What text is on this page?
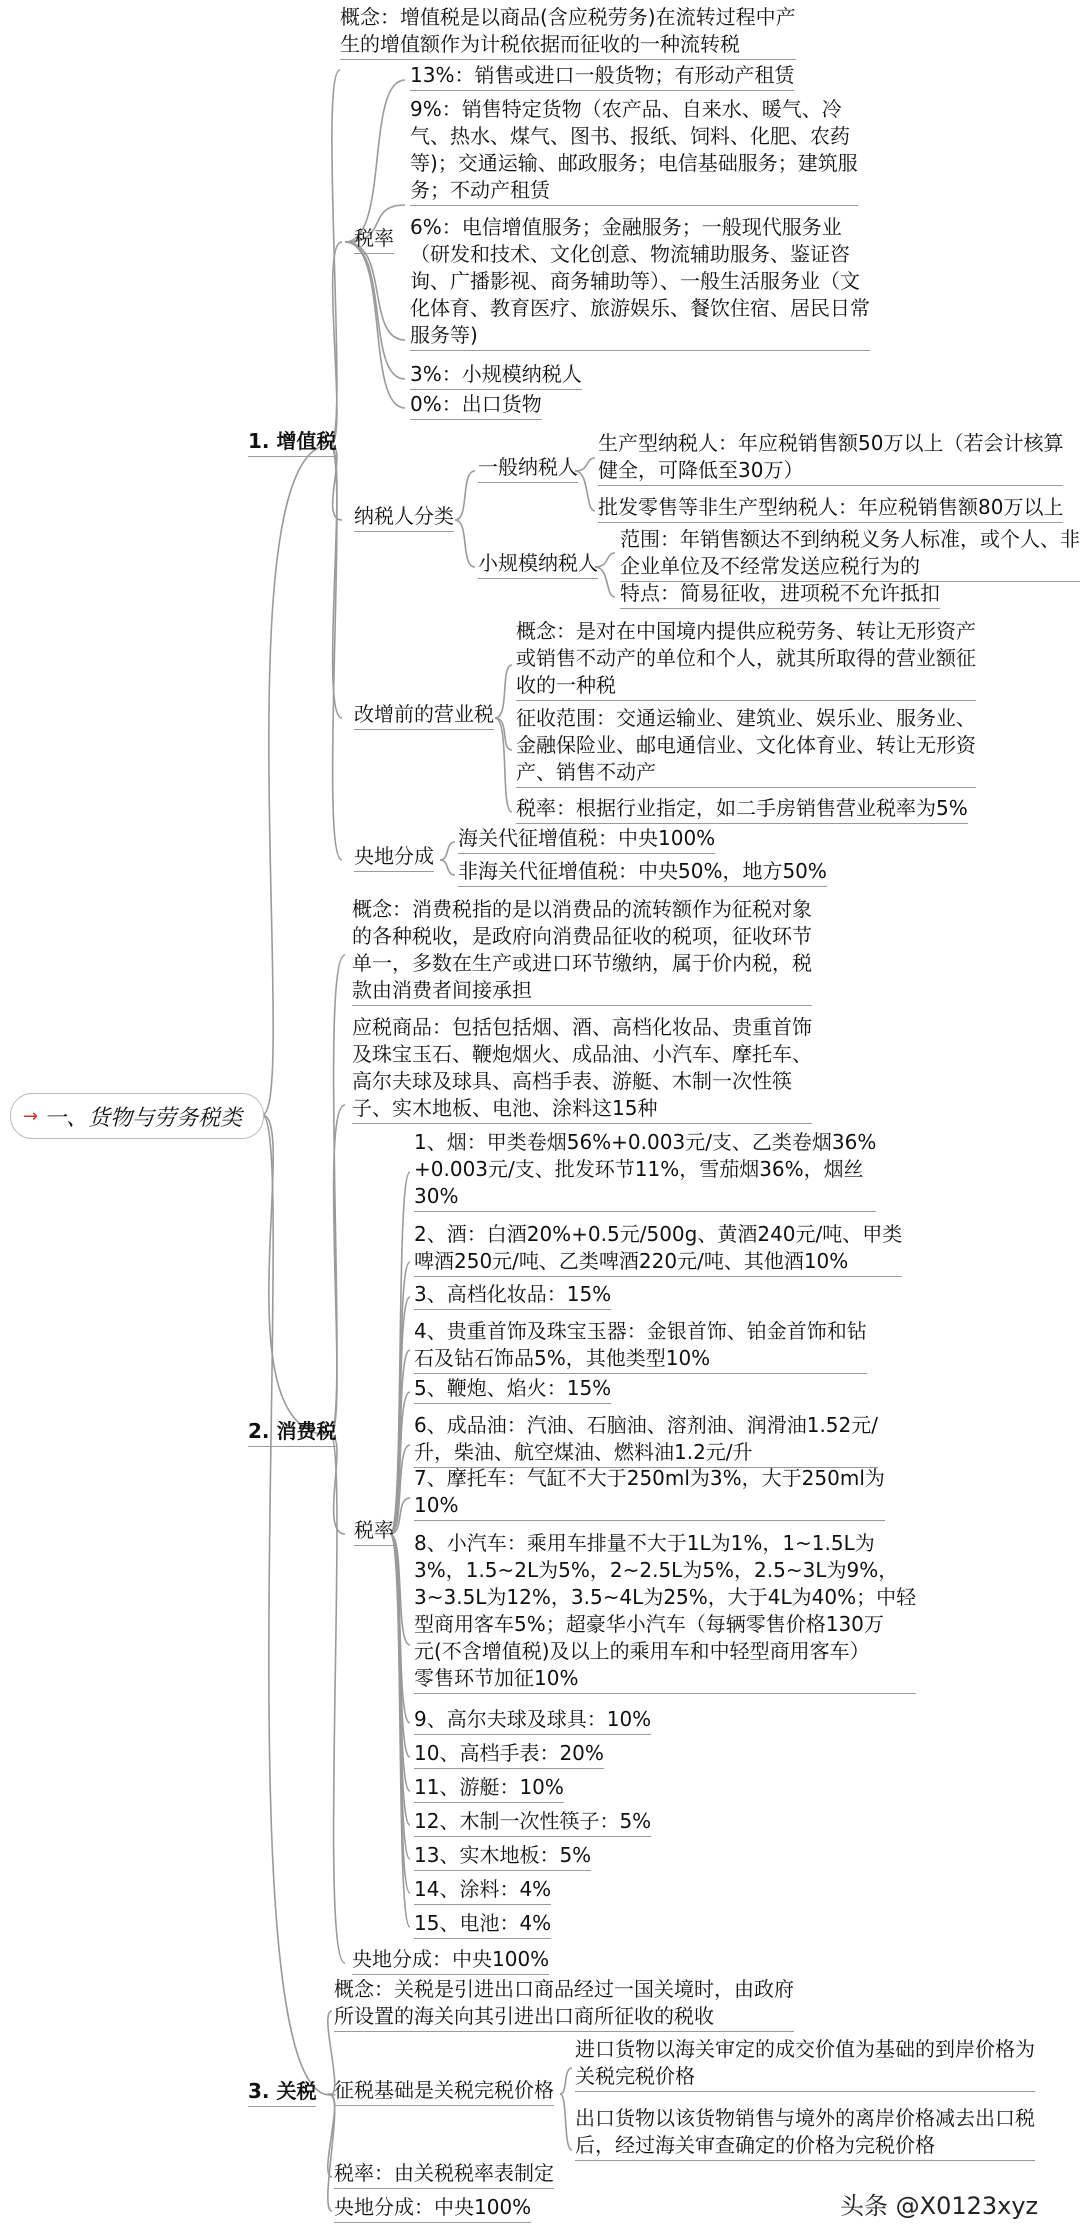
→ 一、货物与劳务税类
1. 增值税
概念：增值税是以商品(含应税劳务)在流转过程中产
生的增值额作为计税依据而征收的一种流转税
税率
13%：销售或进口一般货物；有形动产租赁
9%：销售特定货物（农产品、自来水、暖气、冷
气、热水、煤气、图书、报纸、饲料、化肥、农药
等)；交通运输、邮政服务；电信基础服务；建筑服
务；不动产租赁
6%：电信增值服务；金融服务；一般现代服务业
（研发和技术、文化创意、物流辅助服务、鉴证咨
询、广播影视、商务辅助等）、一般生活服务业（文
化体育、教育医疗、旅游娱乐、餐饮住宿、居民日常
服务等)
3%：小规模纳税人
0%：出口货物
纳税人分类
一般纳税人
生产型纳税人：年应税销售额50万以上（若会计核算
健全，可降低至30万）
批发零售等非生产型纳税人：年应税销售额80万以上
小规模纳税人
范围：年销售额达不到纳税义务人标准，或个人、非
企业单位及不经常发送应税行为的
特点：简易征收，进项税不允许抵扣
改增前的营业税
概念：是对在中国境内提供应税劳务、转让无形资产
或销售不动产的单位和个人，就其所取得的营业额征
收的一种税
征收范围：交通运输业、建筑业、娱乐业、服务业、
金融保险业、邮电通信业、文化体育业、转让无形资
产、销售不动产
税率：根据行业指定，如二手房销售营业税率为5%
央地分成
海关代征增值税：中央100%
非海关代征增值税：中央50%，地方50%
2. 消费税
概念：消费税指的是以消费品的流转额作为征税对象
的各种税收，是政府向消费品征收的税项，征收环节
单一，多数在生产或进口环节缴纳，属于价内税，税
款由消费者间接承担
应税商品：包括包括烟、酒、高档化妆品、贵重首饰
及珠宝玉石、鞭炮烟火、成品油、小汽车、摩托车、
高尔夫球及球具、高档手表、游艇、木制一次性筷
子、实木地板、电池、涂料这15种
税率
1、烟：甲类卷烟56%+0.003元/支、乙类卷烟36%
+0.003元/支、批发环节11%，雪茄烟36%，烟丝
30%
2、酒：白酒20%+0.5元/500g、黄酒240元/吨、甲类
啤酒250元/吨、乙类啤酒220元/吨、其他酒10%
3、高档化妆品：15%
4、贵重首饰及珠宝玉器：金银首饰、铂金首饰和钻
石及钻石饰品5%，其他类型10%
5、鞭炮、焰火：15%
6、成品油：汽油、石脑油、溶剂油、润滑油1.52元/
升，柴油、航空煤油、燃料油1.2元/升
7、摩托车：气缸不大于250ml为3%，大于250ml为
10%
8、小汽车：乘用车排量不大于1L为1%，1~1.5L为
3%，1.5~2L为5%，2~2.5L为5%，2.5~3L为9%，
3~3.5L为12%，3.5~4L为25%，大于4L为40%；中轻
型商用客车5%；超豪华小汽车（每辆零售价格130万
元(不含增值税)及以上的乘用车和中轻型商用客车）
零售环节加征10%
9、高尔夫球及球具：10%
10、高档手表：20%
11、游艇：10%
12、木制一次性筷子：5%
13、实木地板：5%
14、涂料：4%
15、电池：4%
央地分成：中央100%
3. 关税
概念：关税是引进出口商品经过一国关境时，由政府
所设置的海关向其引进出口商所征收的税收
征税基础是关税完税价格
进口货物以海关审定的成交价值为基础的到岸价格为
关税完税价格
出口货物以该货物销售与境外的离岸价格减去出口税
后，经过海关审查确定的价格为完税价格
税率：由关税税率表制定
央地分成：中央100%	头条 @X0123xyz
